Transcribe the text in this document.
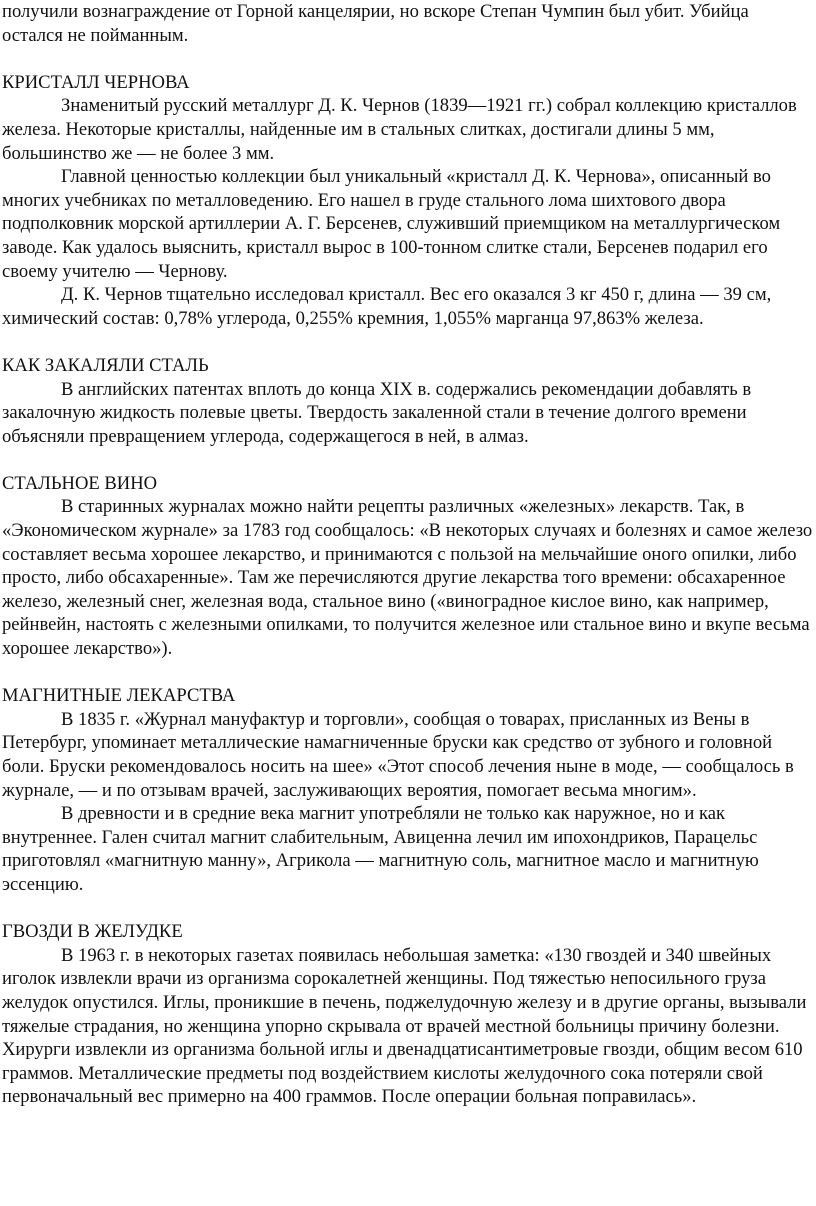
получили вознаграждение от Горной канцелярии, но вскоре Степан Чумпин был убит. Убийца остался не пойманным.

КРИСТАЛЛ ЧЕРНОВА

Знаменитый русский металлург Д. К. Чернов (1839—1921 гг.) собрал коллекцию кристаллов железа. Некоторые кристаллы, найденные им в стальных слитках, достигали длины 5 мм, большинство же — не более 3 мм.

Главной ценностью коллекции был уникальный «кристалл Д. К. Чернова», описанный во многих учебниках по металловедению. Его нашел в груде стального лома шихтового двора подполковник морской артиллерии А. Г. Берсенев, служивший приемщиком на металлургическом заводе. Как удалось выяснить, кристалл вырос в 100-тонном слитке стали, Берсенев подарил его своему учителю — Чернову.

Д. К. Чернов тщательно исследовал кристалл. Вес его оказался 3 кг 450 г, длина — 39 см, химический состав: 0,78% углерода, 0,255% кремния, 1,055% марганца 97,863% железа.

КАК ЗАКАЛЯЛИ СТАЛЬ

В английских патентах вплоть до конца XIX в. содержались рекомендации добавлять в закалочную жидкость полевые цветы. Твердость закаленной стали в течение долгого времени объясняли превращением углерода, содержащегося в ней, в алмаз.

СТАЛЬНОЕ ВИНО

В старинных журналах можно найти рецепты различных «железных» лекарств. Так, в «Экономическом журнале» за 1783 год сообщалось: «В некоторых случаях и болезнях и самое железо составляет весьма хорошее лекарство, и принимаются с пользой на мельчайшие оного опилки, либо просто, либо обсахаренные». Там же перечисляются другие лекарства того времени: обсахаренное железо, железный снег, железная вода, стальное вино («виноградное кислое вино, как например, рейнвейн, настоять с железными опилками, то получится железное или стальное вино и вкупе весьма хорошее лекарство»).

МАГНИТНЫЕ ЛЕКАРСТВА

В 1835 г. «Журнал мануфактур и торговли», сообщая о товарах, присланных из Вены в Петербург, упоминает металлические намагниченные бруски как средство от зубного и головной боли. Бруски рекомендовалось носить на шее» «Этот способ лечения ныне в моде, — сообщалось в журнале, — и по отзывам врачей, заслуживающих вероятия, помогает весьма многим».

В древности и в средние века магнит употребляли не только как наружное, но и как внутреннее. Гален считал магнит слабительным, Авиценна лечил им ипохондриков, Парацельс приготовлял «магнитную манну», Агрикола — магнитную соль, магнитное масло и магнитную эссенцию.

ГВОЗДИ В ЖЕЛУДКЕ

В 1963 г. в некоторых газетах появилась небольшая заметка: «130 гвоздей и 340 швейных иголок извлекли врачи из организма сорокалетней женщины. Под тяжестью непосильного груза желудок опустился. Иглы, проникшие в печень, поджелудочную железу и в другие органы, вызывали тяжелые страдания, но женщина упорно скрывала от врачей местной больницы причину болезни. Хирурги извлекли из организма больной иглы и двенадцатисантиметровые гвозди, общим весом 610 граммов. Металлические предметы под воздействием кислоты желудочного сока потеряли свой первоначальный вес примерно на 400 граммов. После операции больная поправилась».
